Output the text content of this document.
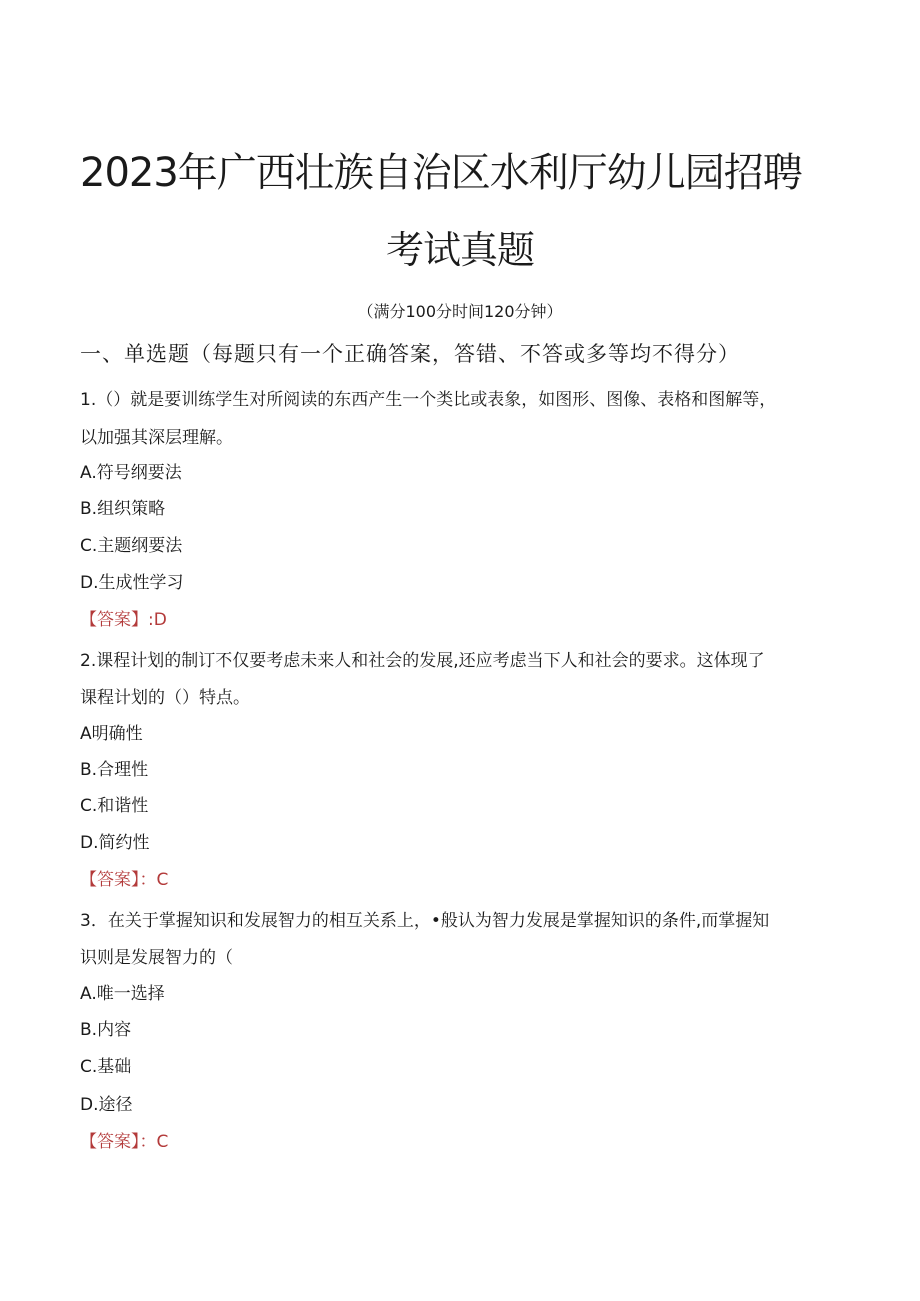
2023年广西壮族自治区水利厅幼儿园招聘
考试真题
（满分100分时间120分钟）
一、单选题（每题只有一个正确答案，答错、不答或多等均不得分）
1.（）就是要训练学生对所阅读的东西产生一个类比或表象，如图形、图像、表格和图解等，
以加强其深层理解。
A.符号纲要法
B.组织策略
C.主题纲要法
D.生成性学习
【答案】:D
2.课程计划的制订不仅要考虑未来人和社会的发展,还应考虑当下人和社会的要求。这体现了
课程计划的（）特点。
A明确性
B.合理性
C.和谐性
D.简约性
【答案】：C
3．在关于掌握知识和发展智力的相互关系上，•般认为智力发展是掌握知识的条件,而掌握知
识则是发展智力的（
A.唯一选择
B.内容
C.基础
D.途径
【答案】：C
